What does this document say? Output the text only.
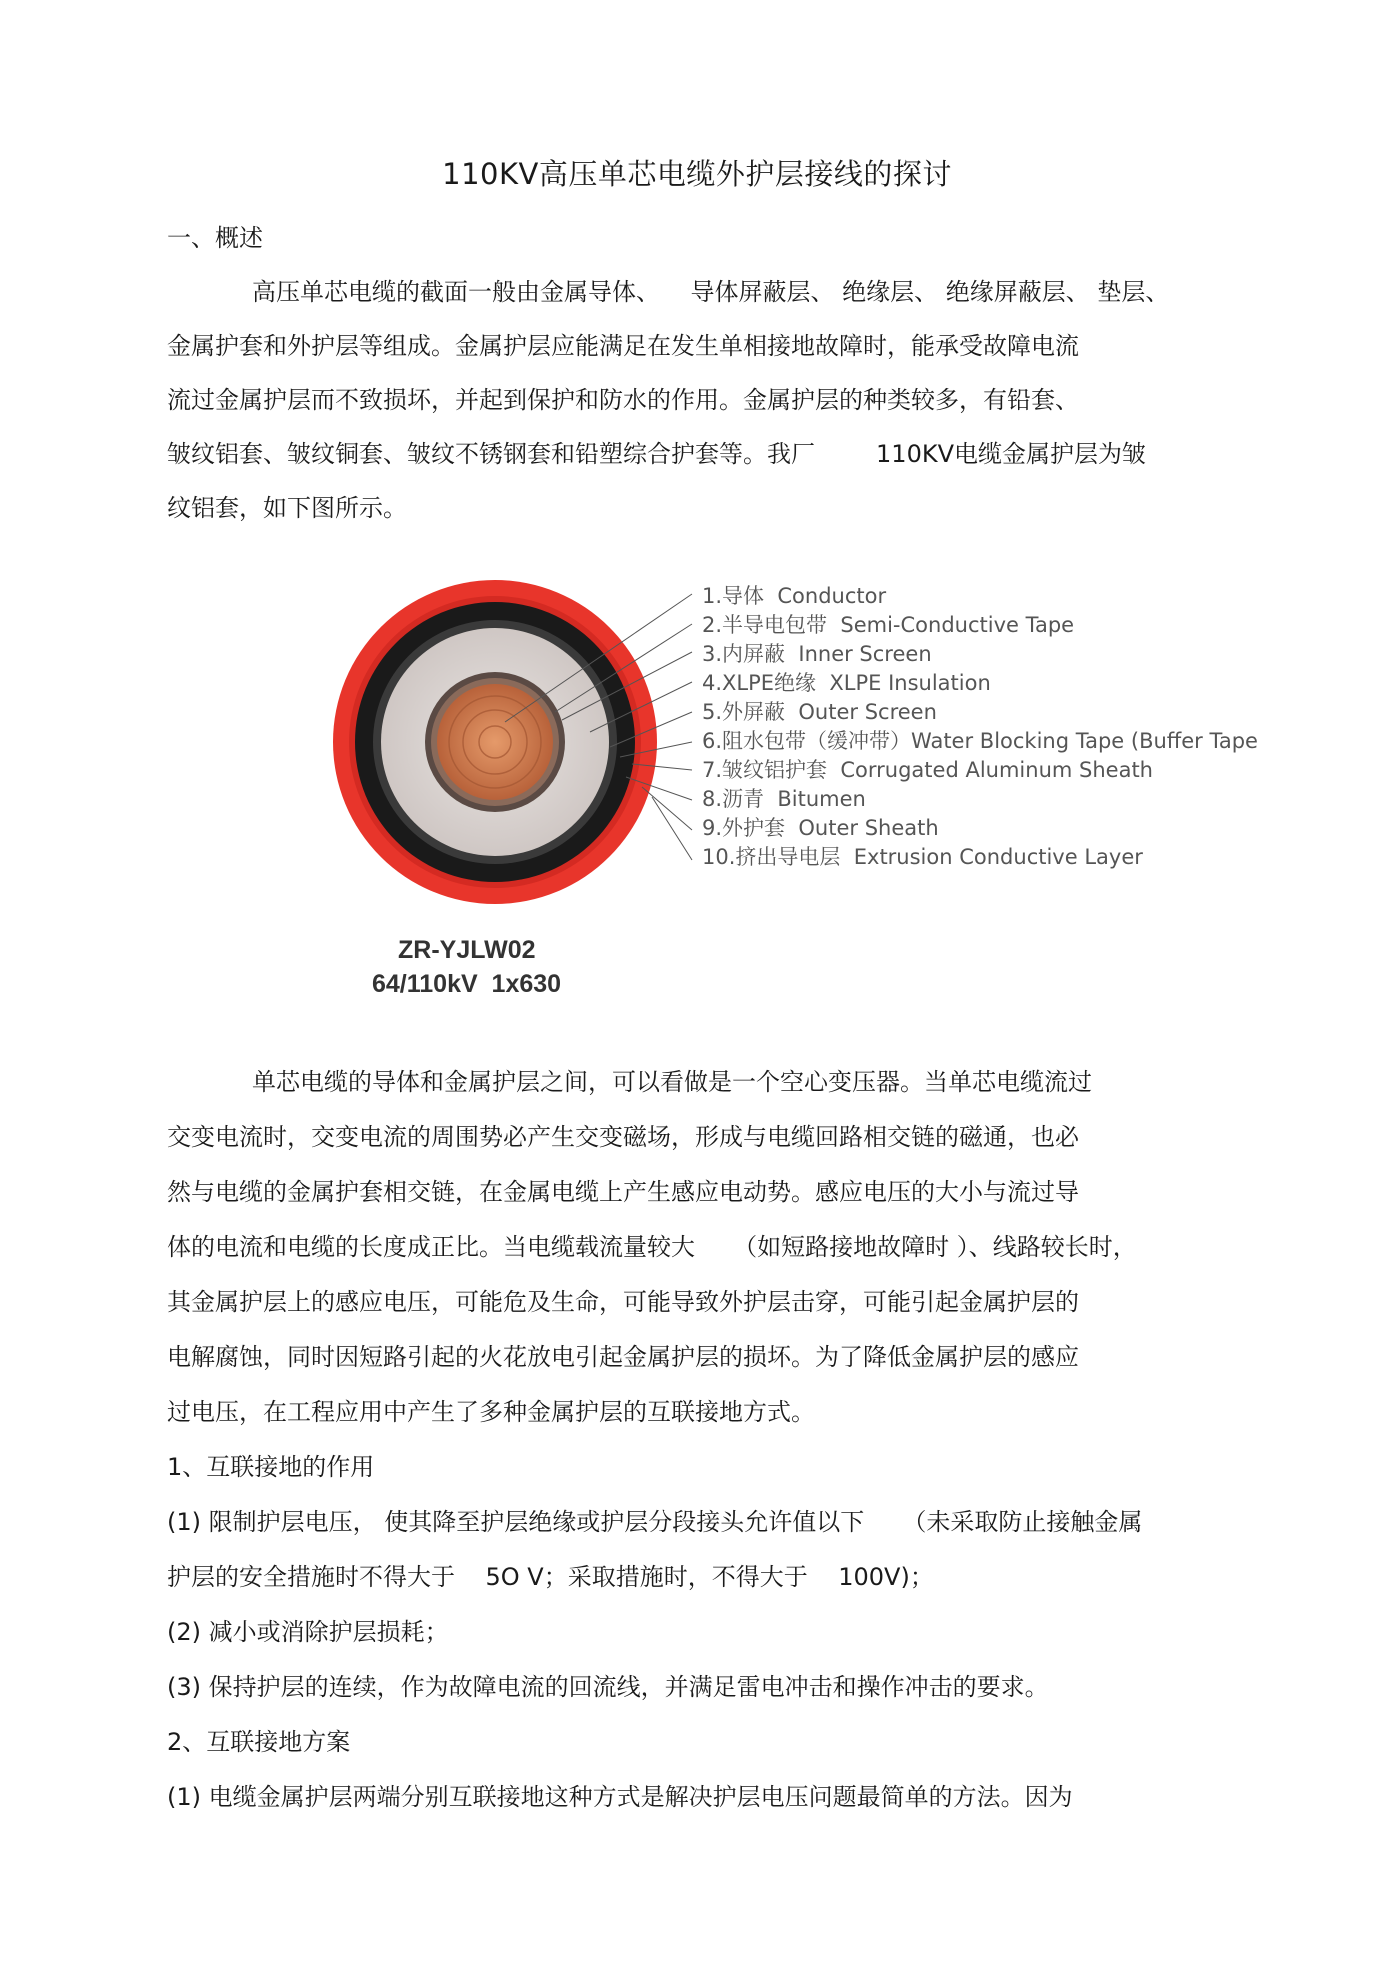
110KV高压单芯电缆外护层接线的探讨
一、概述
高压单芯电缆的截面一般由金属导体、    导体屏蔽层、 绝缘层、 绝缘屏蔽层、 垫层、
金属护套和外护层等组成。金属护层应能满足在发生单相接地故障时，能承受故障电流
流过金属护层而不致损坏，并起到保护和防水的作用。金属护层的种类较多，有铅套、
皱纹铝套、皱纹铜套、皱纹不锈钢套和铅塑综合护套等。我厂        110KV电缆金属护层为皱
纹铝套，如下图所示。
1.导体  Conductor
2.半导电包带  Semi-Conductive Tape
3.内屏蔽  Inner Screen
4.XLPE绝缘  XLPE Insulation
5.外屏蔽  Outer Screen
6.阻水包带（缓冲带）Water Blocking Tape (Buffer Tape
7.皱纹铝护套  Corrugated Aluminum Sheath
8.沥青  Bitumen
9.外护套  Outer Sheath
10.挤出导电层  Extrusion Conductive Layer
ZR-YJLW02
64/110kV  1x630
单芯电缆的导体和金属护层之间，可以看做是一个空心变压器。当单芯电缆流过
交变电流时，交变电流的周围势必产生交变磁场，形成与电缆回路相交链的磁通，也必
然与电缆的金属护套相交链，在金属电缆上产生感应电动势。感应电压的大小与流过导
体的电流和电缆的长度成正比。当电缆载流量较大     （如短路接地故障时 ）、线路较长时，
其金属护层上的感应电压，可能危及生命，可能导致外护层击穿，可能引起金属护层的
电解腐蚀，同时因短路引起的火花放电引起金属护层的损坏。为了降低金属护层的感应
过电压，在工程应用中产生了多种金属护层的互联接地方式。
1、互联接地的作用
(1) 限制护层电压， 使其降至护层绝缘或护层分段接头允许值以下     （未采取防止接触金属
护层的安全措施时不得大于    5O V；采取措施时，不得大于    100V)；
(2) 减小或消除护层损耗；
(3) 保持护层的连续，作为故障电流的回流线，并满足雷电冲击和操作冲击的要求。
2、互联接地方案
(1) 电缆金属护层两端分别互联接地这种方式是解决护层电压问题最简单的方法。因为
